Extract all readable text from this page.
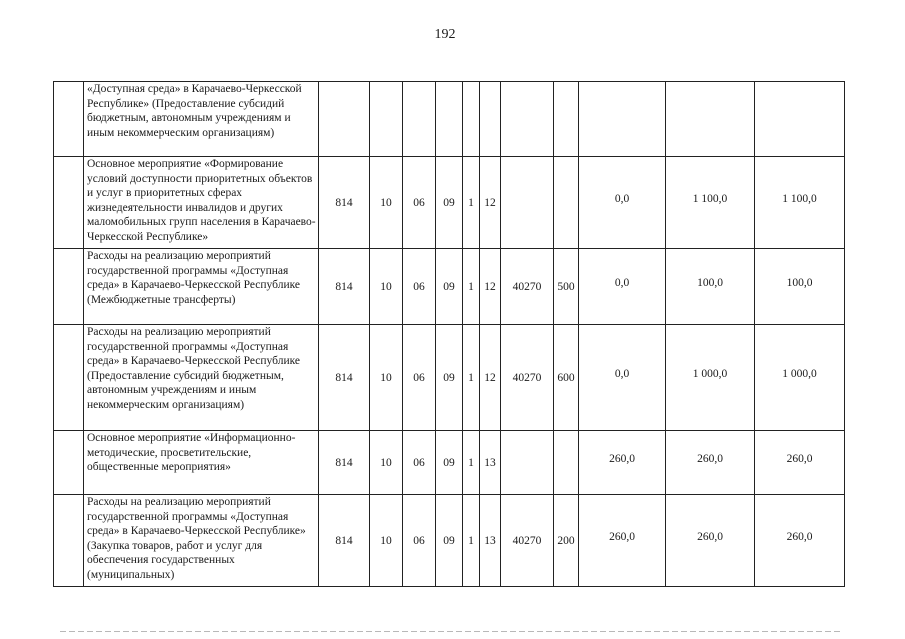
192
	«Доступная среда» в Карачаево-Черкесской Республике» (Предоставление субсидий бюджетным, автономным учреждениям и иным некоммерческим организациям)											
	Основное мероприятие «Формирование условий доступности приоритетных объектов и услуг в приоритетных сферах жизнедеятельности инвалидов и других маломобильных групп населения в Карачаево-Черкесской Республике»	814	10	06	09	1	12			0,0	1 100,0	1 100,0
	Расходы на реализацию мероприятий государственной программы «Доступная среда» в Карачаево-Черкесской Республике (Межбюджетные трансферты)	814	10	06	09	1	12	40270	500	0,0	100,0	100,0
	Расходы на реализацию мероприятий государственной программы «Доступная среда» в Карачаево-Черкесской Республике (Предоставление субсидий бюджетным, автономным учреждениям и иным некоммерческим организациям)	814	10	06	09	1	12	40270	600	0,0	1 000,0	1 000,0
	Основное мероприятие «Информационно-методические, просветительские, общественные мероприятия»	814	10	06	09	1	13			260,0	260,0	260,0
	Расходы на реализацию мероприятий государственной программы «Доступная среда» в Карачаево-Черкесской Республике» (Закупка товаров, работ и услуг для обеспечения государственных (муниципальных)	814	10	06	09	1	13	40270	200	260,0	260,0	260,0
